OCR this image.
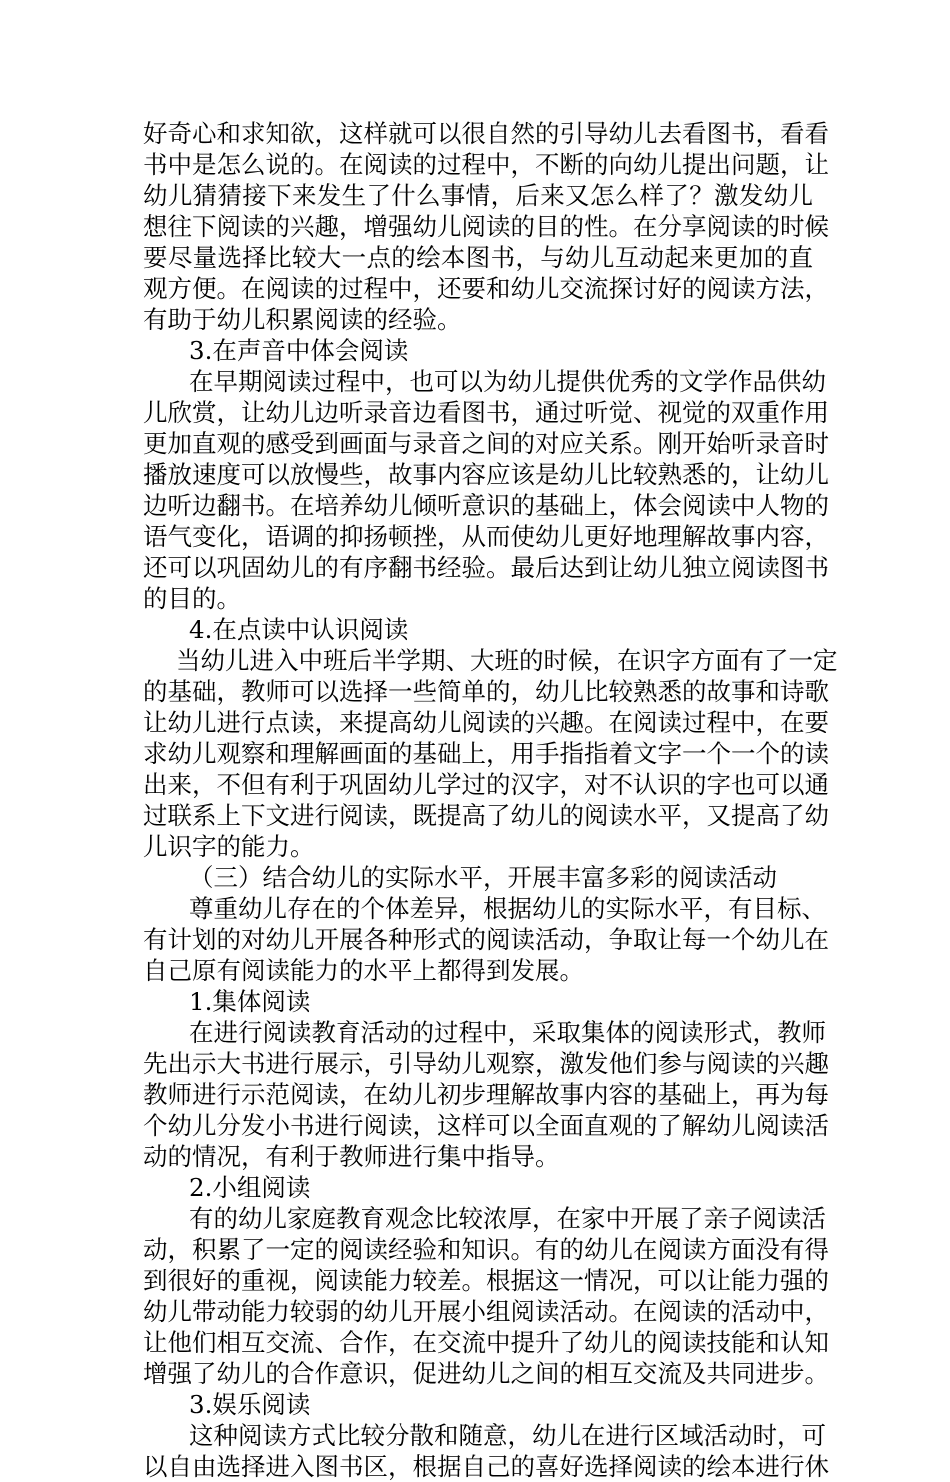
好奇心和求知欲，这样就可以很自然的引导幼儿去看图书，看看
书中是怎么说的。在阅读的过程中，不断的向幼儿提出问题，让
幼儿猜猜接下来发生了什么事情，后来又怎么样了？激发幼儿
想往下阅读的兴趣，增强幼儿阅读的目的性。在分享阅读的时候
要尽量选择比较大一点的绘本图书，与幼儿互动起来更加的直
观方便。在阅读的过程中，还要和幼儿交流探讨好的阅读方法，
有助于幼儿积累阅读的经验。
3.在声音中体会阅读
在早期阅读过程中，也可以为幼儿提供优秀的文学作品供幼
儿欣赏，让幼儿边听录音边看图书，通过听觉、视觉的双重作用
更加直观的感受到画面与录音之间的对应关系。刚开始听录音时
播放速度可以放慢些，故事内容应该是幼儿比较熟悉的，让幼儿
边听边翻书。在培养幼儿倾听意识的基础上，体会阅读中人物的
语气变化，语调的抑扬顿挫，从而使幼儿更好地理解故事内容，
还可以巩固幼儿的有序翻书经验。最后达到让幼儿独立阅读图书
的目的。
4.在点读中认识阅读
当幼儿进入中班后半学期、大班的时候，在识字方面有了一定
的基础，教师可以选择一些简单的，幼儿比较熟悉的故事和诗歌
让幼儿进行点读，来提高幼儿阅读的兴趣。在阅读过程中，在要
求幼儿观察和理解画面的基础上，用手指指着文字一个一个的读
出来，不但有利于巩固幼儿学过的汉字，对不认识的字也可以通
过联系上下文进行阅读，既提高了幼儿的阅读水平，又提高了幼
儿识字的能力。
（三）结合幼儿的实际水平，开展丰富多彩的阅读活动
尊重幼儿存在的个体差异，根据幼儿的实际水平，有目标、
有计划的对幼儿开展各种形式的阅读活动，争取让每一个幼儿在
自己原有阅读能力的水平上都得到发展。
1.集体阅读
在进行阅读教育活动的过程中，采取集体的阅读形式，教师
先出示大书进行展示，引导幼儿观察，激发他们参与阅读的兴趣
教师进行示范阅读，在幼儿初步理解故事内容的基础上，再为每
个幼儿分发小书进行阅读，这样可以全面直观的了解幼儿阅读活
动的情况，有利于教师进行集中指导。
2.小组阅读
有的幼儿家庭教育观念比较浓厚，在家中开展了亲子阅读活
动，积累了一定的阅读经验和知识。有的幼儿在阅读方面没有得
到很好的重视，阅读能力较差。根据这一情况，可以让能力强的
幼儿带动能力较弱的幼儿开展小组阅读活动。在阅读的活动中，
让他们相互交流、合作，在交流中提升了幼儿的阅读技能和认知
增强了幼儿的合作意识，促进幼儿之间的相互交流及共同进步。
3.娱乐阅读
这种阅读方式比较分散和随意，幼儿在进行区域活动时，可
以自由选择进入图书区，根据自己的喜好选择阅读的绘本进行休
